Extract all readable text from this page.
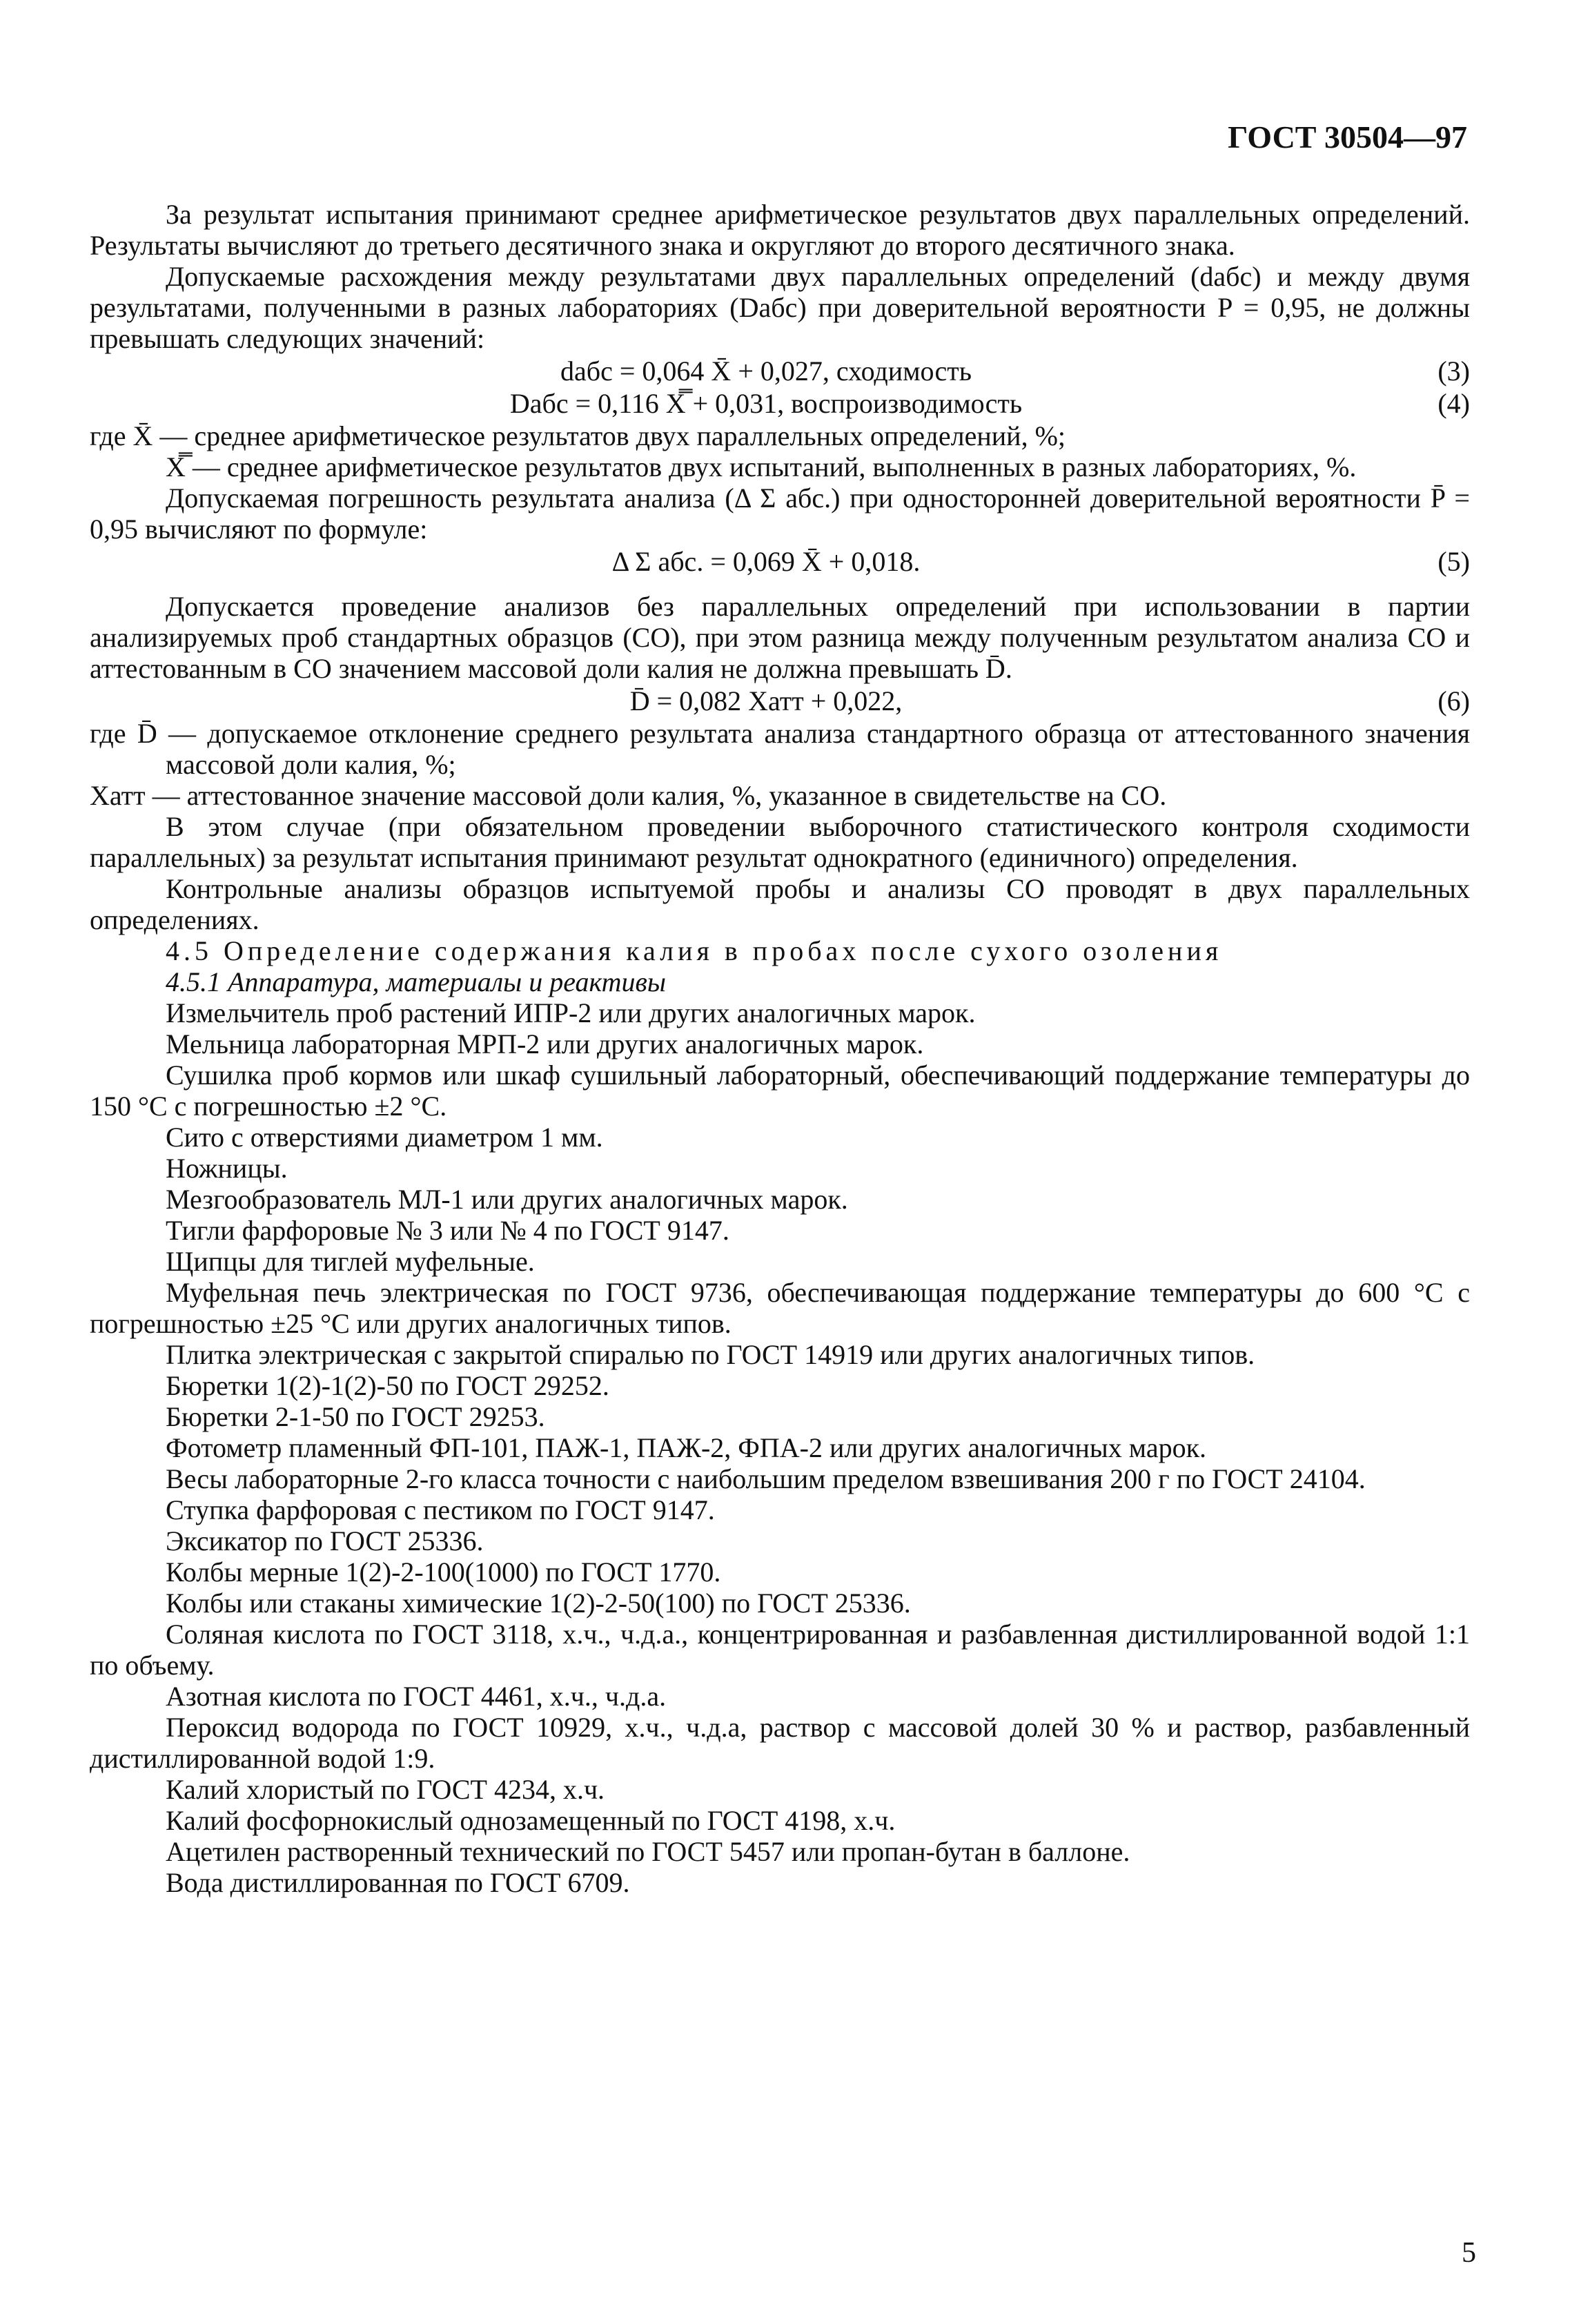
ГОСТ 30504—97

За результат испытания принимают среднее арифметическое результатов двух параллельных определений. Результаты вычисляют до третьего десятичного знака и округляют до второго десятичного знака.

Допускаемые расхождения между результатами двух параллельных определений (dабс) и между двумя результатами, полученными в разных лабораториях (Dабс) при доверительной вероятности P = 0,95, не должны превышать следующих значений:

dабс = 0,064 X̄ + 0,027, сходимость	(3)
Dабс = 0,116 X̿ + 0,031, воспроизводимость	(4)

где X̄ — среднее арифметическое результатов двух параллельных определений, %;

X̿ — среднее арифметическое результатов двух испытаний, выполненных в разных лабораториях, %.

Допускаемая погрешность результата анализа (Δ Σ абс.) при односторонней доверительной вероятности P̄ = 0,95 вычисляют по формуле:

Δ Σ абс. = 0,069 X̄ + 0,018.	(5)

Допускается проведение анализов без параллельных определений при использовании в партии анализируемых проб стандартных образцов (СО), при этом разница между полученным результатом анализа СО и аттестованным в СО значением массовой доли калия не должна превышать D̄.

D̄ = 0,082 Xатт + 0,022,	(6)

где D̄ — допускаемое отклонение среднего результата анализа стандартного образца от аттестованного значения массовой доли калия, %;

Xатт — аттестованное значение массовой доли калия, %, указанное в свидетельстве на СО.

В этом случае (при обязательном проведении выборочного статистического контроля сходимости параллельных) за результат испытания принимают результат однократного (единичного) определения.

Контрольные анализы образцов испытуемой пробы и анализы СО проводят в двух параллельных определениях.

4.5 Определение содержания калия в пробах после сухого озоления

4.5.1 Аппаратура, материалы и реактивы

Измельчитель проб растений ИПР-2 или других аналогичных марок.

Мельница лабораторная МРП-2 или других аналогичных марок.

Сушилка проб кормов или шкаф сушильный лабораторный, обеспечивающий поддержание температуры до 150 °С с погрешностью ±2 °С.

Сито с отверстиями диаметром 1 мм.

Ножницы.

Мезгообразователь МЛ-1 или других аналогичных марок.

Тигли фарфоровые № 3 или № 4 по ГОСТ 9147.

Щипцы для тиглей муфельные.

Муфельная печь электрическая по ГОСТ 9736, обеспечивающая поддержание температуры до 600 °С с погрешностью ±25 °С или других аналогичных типов.

Плитка электрическая с закрытой спиралью по ГОСТ 14919 или других аналогичных типов.

Бюретки 1(2)-1(2)-50 по ГОСТ 29252.

Бюретки 2-1-50 по ГОСТ 29253.

Фотометр пламенный ФП-101, ПАЖ-1, ПАЖ-2, ФПА-2 или других аналогичных марок.

Весы лабораторные 2-го класса точности с наибольшим пределом взвешивания 200 г по ГОСТ 24104.

Ступка фарфоровая с пестиком по ГОСТ 9147.

Эксикатор по ГОСТ 25336.

Колбы мерные 1(2)-2-100(1000) по ГОСТ 1770.

Колбы или стаканы химические 1(2)-2-50(100) по ГОСТ 25336.

Соляная кислота по ГОСТ 3118, х.ч., ч.д.а., концентрированная и разбавленная дистиллированной водой 1:1 по объему.

Азотная кислота по ГОСТ 4461, х.ч., ч.д.а.

Пероксид водорода по ГОСТ 10929, х.ч., ч.д.а, раствор с массовой долей 30 % и раствор, разбавленный дистиллированной водой 1:9.

Калий хлористый по ГОСТ 4234, х.ч.

Калий фосфорнокислый однозамещенный по ГОСТ 4198, х.ч.

Ацетилен растворенный технический по ГОСТ 5457 или пропан-бутан в баллоне.

Вода дистиллированная по ГОСТ 6709.

5
